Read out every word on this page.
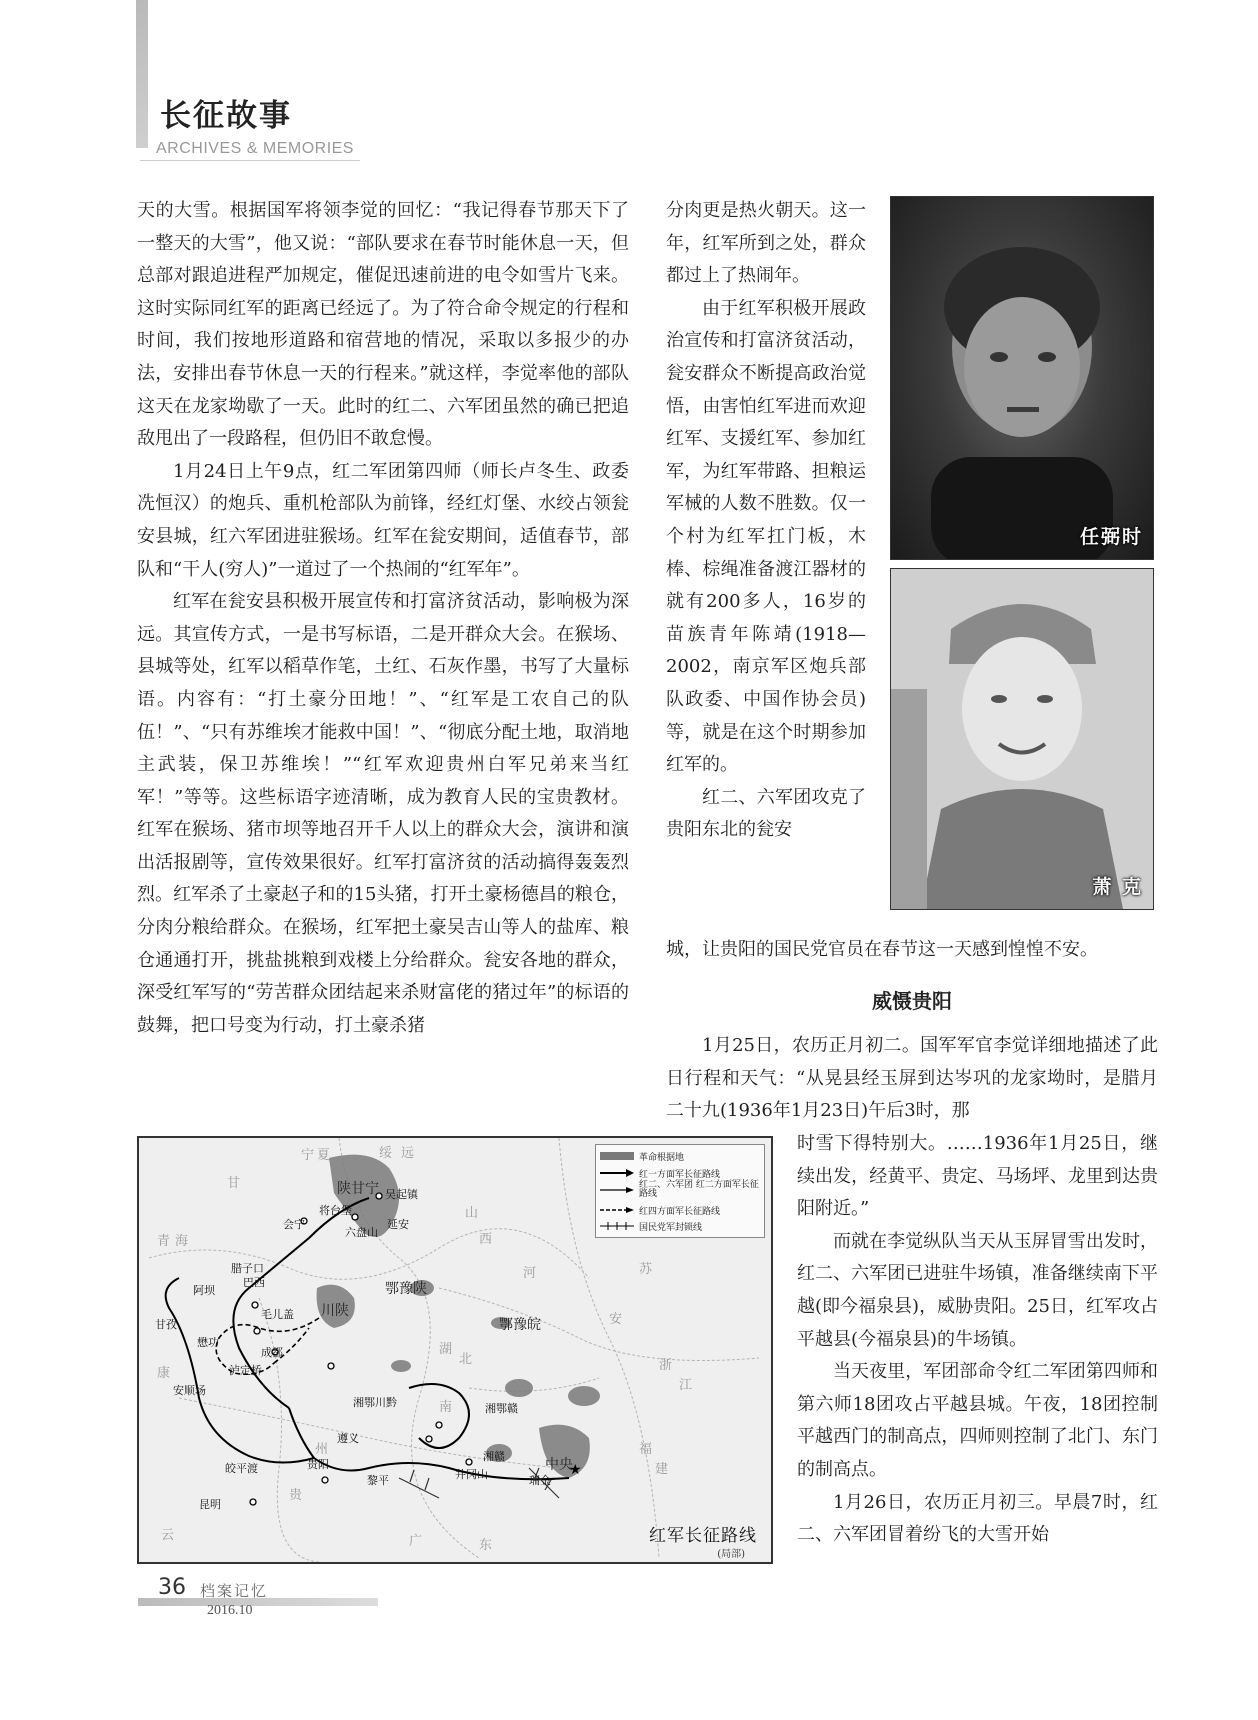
长征故事
ARCHIVES & MEMORIES

天的大雪。根据国军将领李觉的回忆：“我记得春节那天下了一整天的大雪”，他又说：“部队要求在春节时能休息一天，但总部对跟追进程严加规定，催促迅速前进的电令如雪片飞来。这时实际同红军的距离已经远了。为了符合命令规定的行程和时间，我们按地形道路和宿营地的情况，采取以多报少的办法，安排出春节休息一天的行程来。”就这样，李觉率他的部队这天在龙家坳歇了一天。此时的红二、六军团虽然的确已把追敌甩出了一段路程，但仍旧不敢怠慢。

1月24日上午9点，红二军团第四师（师长卢冬生、政委冼恒汉）的炮兵、重机枪部队为前锋，经红灯堡、水绞占领瓮安县城，红六军团进驻猴场。红军在瓮安期间，适值春节，部队和“干人(穷人)”一道过了一个热闹的“红军年”。

红军在瓮安县积极开展宣传和打富济贫活动，影响极为深远。其宣传方式，一是书写标语，二是开群众大会。在猴场、县城等处，红军以稻草作笔，土红、石灰作墨，书写了大量标语。内容有：“打土豪分田地！”、“红军是工农自己的队伍！”、“只有苏维埃才能救中国！”、“彻底分配土地，取消地主武装，保卫苏维埃！”“红军欢迎贵州白军兄弟来当红军！”等等。这些标语字迹清晰，成为教育人民的宝贵教材。红军在猴场、猪市坝等地召开千人以上的群众大会，演讲和演出活报剧等，宣传效果很好。红军打富济贫的活动搞得轰轰烈烈。红军杀了土豪赵子和的15头猪，打开土豪杨德昌的粮仓，分肉分粮给群众。在猴场，红军把土豪吴吉山等人的盐库、粮仓通通打开，挑盐挑粮到戏楼上分给群众。瓮安各地的群众，深受红军写的“劳苦群众团结起来杀财富佬的猪过年”的标语的鼓舞，把口号变为行动，打土豪杀猪

分肉更是热火朝天。这一年，红军所到之处，群众都过上了热闹年。

由于红军积极开展政治宣传和打富济贫活动，瓮安群众不断提高政治觉悟，由害怕红军进而欢迎红军、支援红军、参加红军，为红军带路、担粮运军械的人数不胜数。仅一个村为红军扛门板，木棒、棕绳准备渡江器材的就有200多人，16岁的苗族青年陈靖(1918—2002，南京军区炮兵部队政委、中国作协会员)等，就是在这个时期参加红军的。

红二、六军团攻克了贵阳东北的瓮安

任弼时
萧 克
城，让贵阳的国民党官员在春节这一天感到惶惶不安。
威慑贵阳

1月25日，农历正月初二。国军军官李觉详细地描述了此日行程和天气：“从晃县经玉屏到达岑巩的龙家坳时，是腊月二十九(1936年1月23日)午后3时，那

时雪下得特别大。……1936年1月25日，继续出发，经黄平、贵定、马场坪、龙里到达贵阳附近。”

而就在李觉纵队当天从玉屏冒雪出发时，红二、六军团已进驻牛场镇，准备继续南下平越(即今福泉县)，威胁贵阳。25日，红军攻占平越县(今福泉县)的牛场镇。

当天夜里，军团部命令红二军团第四师和第六师18团攻占平越县城。午夜，18团控制平越西门的制高点，四师则控制了北门、东门的制高点。

1月26日，农历正月初三。早晨7时，红二、六军团冒着纷飞的大雪开始

★
陕甘宁 吴起镇
延安
将台堡
会宁
六盘山
腊子口
巴西
阿坝
毛儿盖
甘孜
懋功
成都
泸定桥
安顺场
川陕
鄂豫陕
鄂豫皖
湘鄂川黔	湘鄂赣
湘赣
井冈山
中央
瑞金
遵义
贵阳
黎平
皎平渡
昆明
宁 夏	绥 远
甘
山
西
河
湖
北
南
安
苏
浙
江
福
建
广	东
云
康
青 海
贵
州
革命根据地
红一方面军长征路线
红二、六军团 红二方面军长征路线
红四方面军长征路线
国民党军封锁线
红军长征路线
(局部)
36 档案记忆
2016.10
